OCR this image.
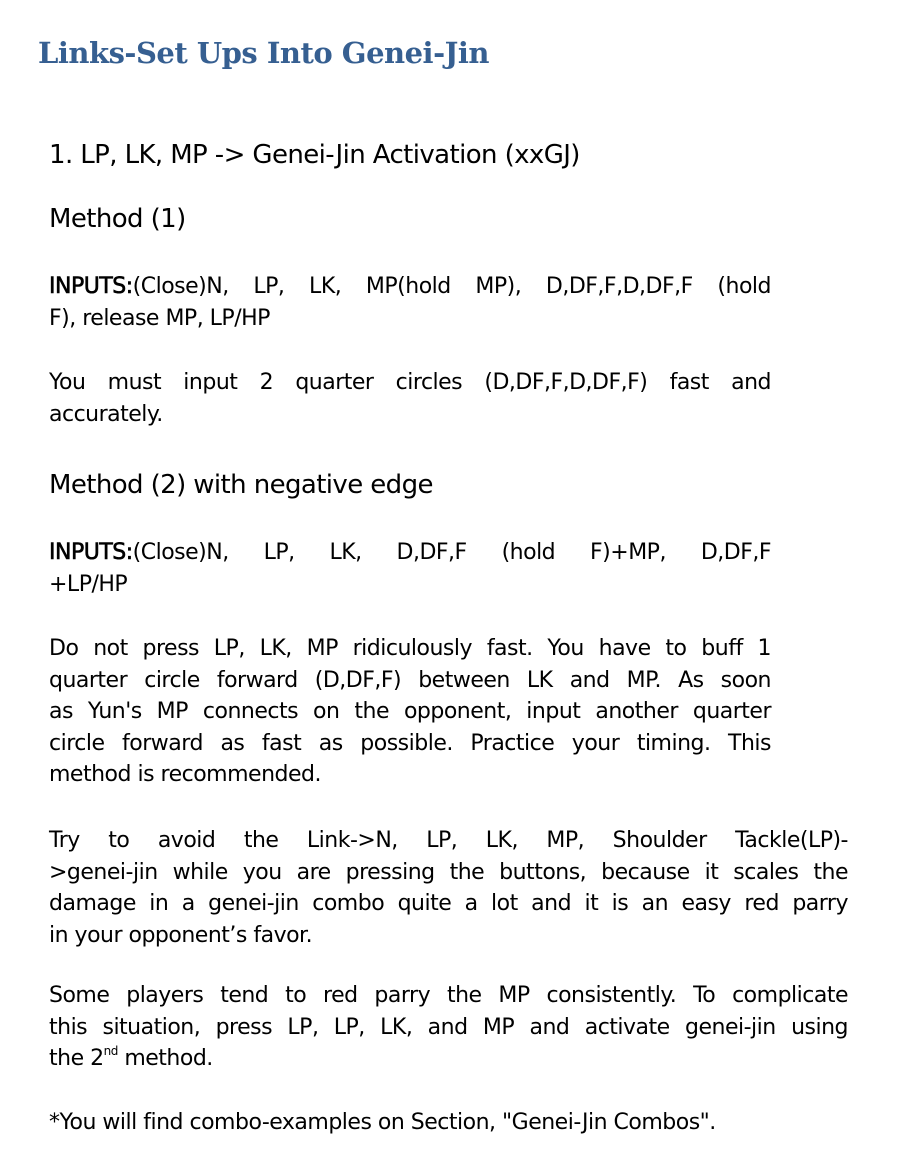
Links-Set Ups Into Genei-Jin
1. LP, LK, MP -> Genei-Jin Activation (xxGJ)
Method (1)
INPUTS:(Close)N, LP, LK, MP(hold MP), D,DF,F,D,DF,F (hold
F), release MP, LP/HP
You must input 2 quarter circles (D,DF,F,D,DF,F) fast and
accurately.
Method (2) with negative edge
INPUTS:(Close)N, LP, LK, D,DF,F (hold F)+MP, D,DF,F
+LP/HP
Do not press LP, LK, MP ridiculously fast. You have to buff 1
quarter circle forward (D,DF,F) between LK and MP. As soon
as Yun's MP connects on the opponent, input another quarter
circle forward as fast as possible. Practice your timing. This
method is recommended.
Try to avoid the Link->N, LP, LK, MP, Shoulder Tackle(LP)-
>genei-jin while you are pressing the buttons, because it scales the
damage in a genei-jin combo quite a lot and it is an easy red parry
in your opponent’s favor.
Some players tend to red parry the MP consistently. To complicate
this situation, press LP, LP, LK, and MP and activate genei-jin using
the 2nd method.
*You will find combo-examples on Section, "Genei-Jin Combos".
